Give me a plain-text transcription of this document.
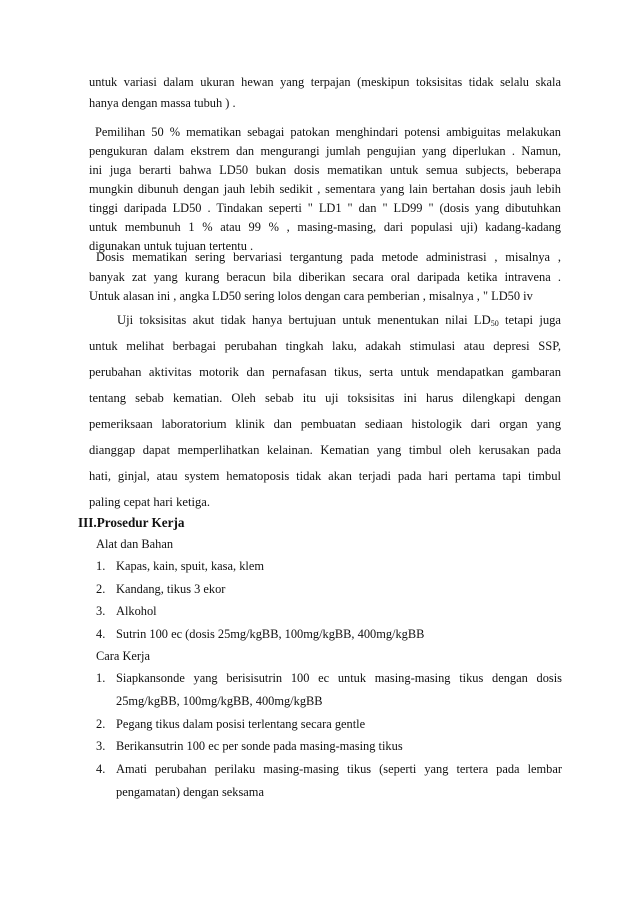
untuk variasi dalam ukuran hewan yang terpajan (meskipun toksisitas tidak selalu skala
hanya dengan massa tubuh ) .
Pemilihan 50 % mematikan sebagai patokan menghindari potensi ambiguitas melakukan
pengukuran dalam ekstrem dan mengurangi jumlah pengujian yang diperlukan . Namun,
ini juga berarti bahwa LD50 bukan dosis mematikan untuk semua subjects, beberapa
mungkin dibunuh dengan jauh lebih sedikit , sementara yang lain bertahan dosis jauh lebih
tinggi daripada LD50 . Tindakan seperti " LD1 " dan " LD99 " (dosis yang dibutuhkan
untuk membunuh 1 % atau 99 % , masing-masing, dari populasi uji) kadang-kadang
digunakan untuk tujuan tertentu .
Dosis mematikan sering bervariasi tergantung pada metode administrasi , misalnya ,
banyak zat yang kurang beracun bila diberikan secara oral daripada ketika intravena .
Untuk alasan ini , angka LD50 sering lolos dengan cara pemberian , misalnya , " LD50 iv
Uji toksisitas akut tidak hanya bertujuan untuk menentukan nilai $LD_{50}$ tetapi juga
untuk melihat berbagai perubahan tingkah laku, adakah stimulasi atau depresi SSP,
perubahan aktivitas motorik dan pernafasan tikus, serta untuk mendapatkan gambaran
tentang sebab kematian. Oleh sebab itu uji toksisitas ini harus dilengkapi dengan
pemeriksaan laboratorium klinik dan pembuatan sediaan histologik dari organ yang
dianggap dapat memperlihatkan kelainan. Kematian yang timbul oleh kerusakan pada
hati, ginjal, atau system hematoposis tidak akan terjadi pada hari pertama tapi timbul
paling cepat hari ketiga.
III.Prosedur Kerja
Alat dan Bahan
1. Kapas, kain, spuit, kasa, klem
2. Kandang, tikus 3 ekor
3. Alkohol
4. Sutrin 100 ec (dosis 25mg/kgBB, 100mg/kgBB, 400mg/kgBB
Cara Kerja
1. Siapkansonde yang berisisutrin 100 ec untuk masing-masing tikus dengan dosis
25mg/kgBB, 100mg/kgBB, 400mg/kgBB
2. Pegang tikus dalam posisi terlentang secara gentle
3. Berikansutrin 100 ec per sonde pada masing-masing tikus
4. Amati perubahan perilaku masing-masing tikus (seperti yang tertera pada lembar
pengamatan) dengan seksama
